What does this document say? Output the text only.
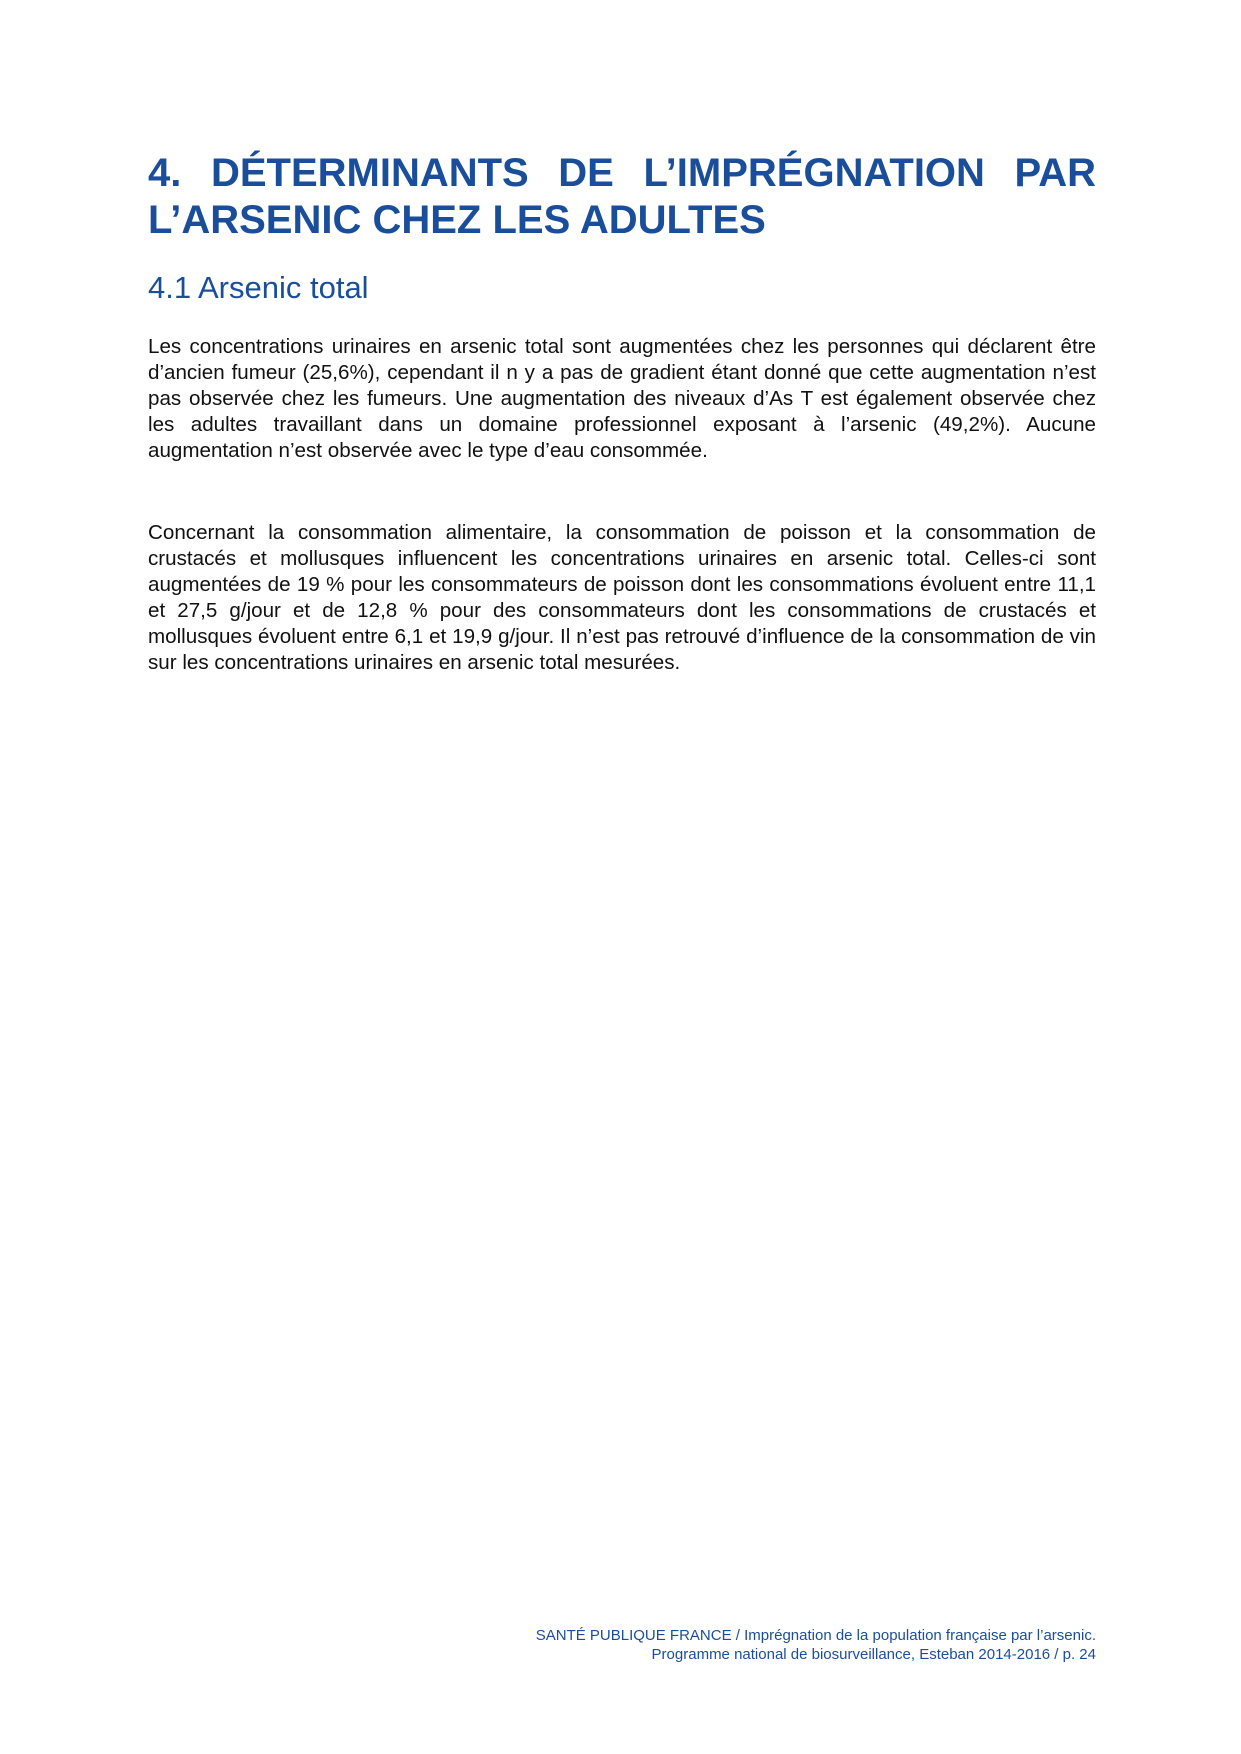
4. DÉTERMINANTS DE L’IMPRÉGNATION PAR L’ARSENIC CHEZ LES ADULTES
4.1 Arsenic total

Les concentrations urinaires en arsenic total sont augmentées chez les personnes qui déclarent être d’ancien fumeur (25,6%), cependant il n y a pas de gradient étant donné que cette augmentation n’est pas observée chez les fumeurs. Une augmentation des niveaux d’As T est également observée chez les adultes travaillant dans un domaine professionnel exposant à l’arsenic (49,2%). Aucune augmentation n’est observée avec le type d’eau consommée.

Concernant la consommation alimentaire, la consommation de poisson et la consommation de crustacés et mollusques influencent les concentrations urinaires en arsenic total. Celles-ci sont augmentées de 19 % pour les consommateurs de poisson dont les consommations évoluent entre 11,1 et 27,5 g/jour et de 12,8 % pour des consommateurs dont les consommations de crustacés et mollusques évoluent entre 6,1 et 19,9 g/jour. Il n’est pas retrouvé d’influence de la consommation de vin sur les concentrations urinaires en arsenic total mesurées.

SANTÉ PUBLIQUE FRANCE / Imprégnation de la population française par l’arsenic.
Programme national de biosurveillance, Esteban 2014-2016 / p. 24
